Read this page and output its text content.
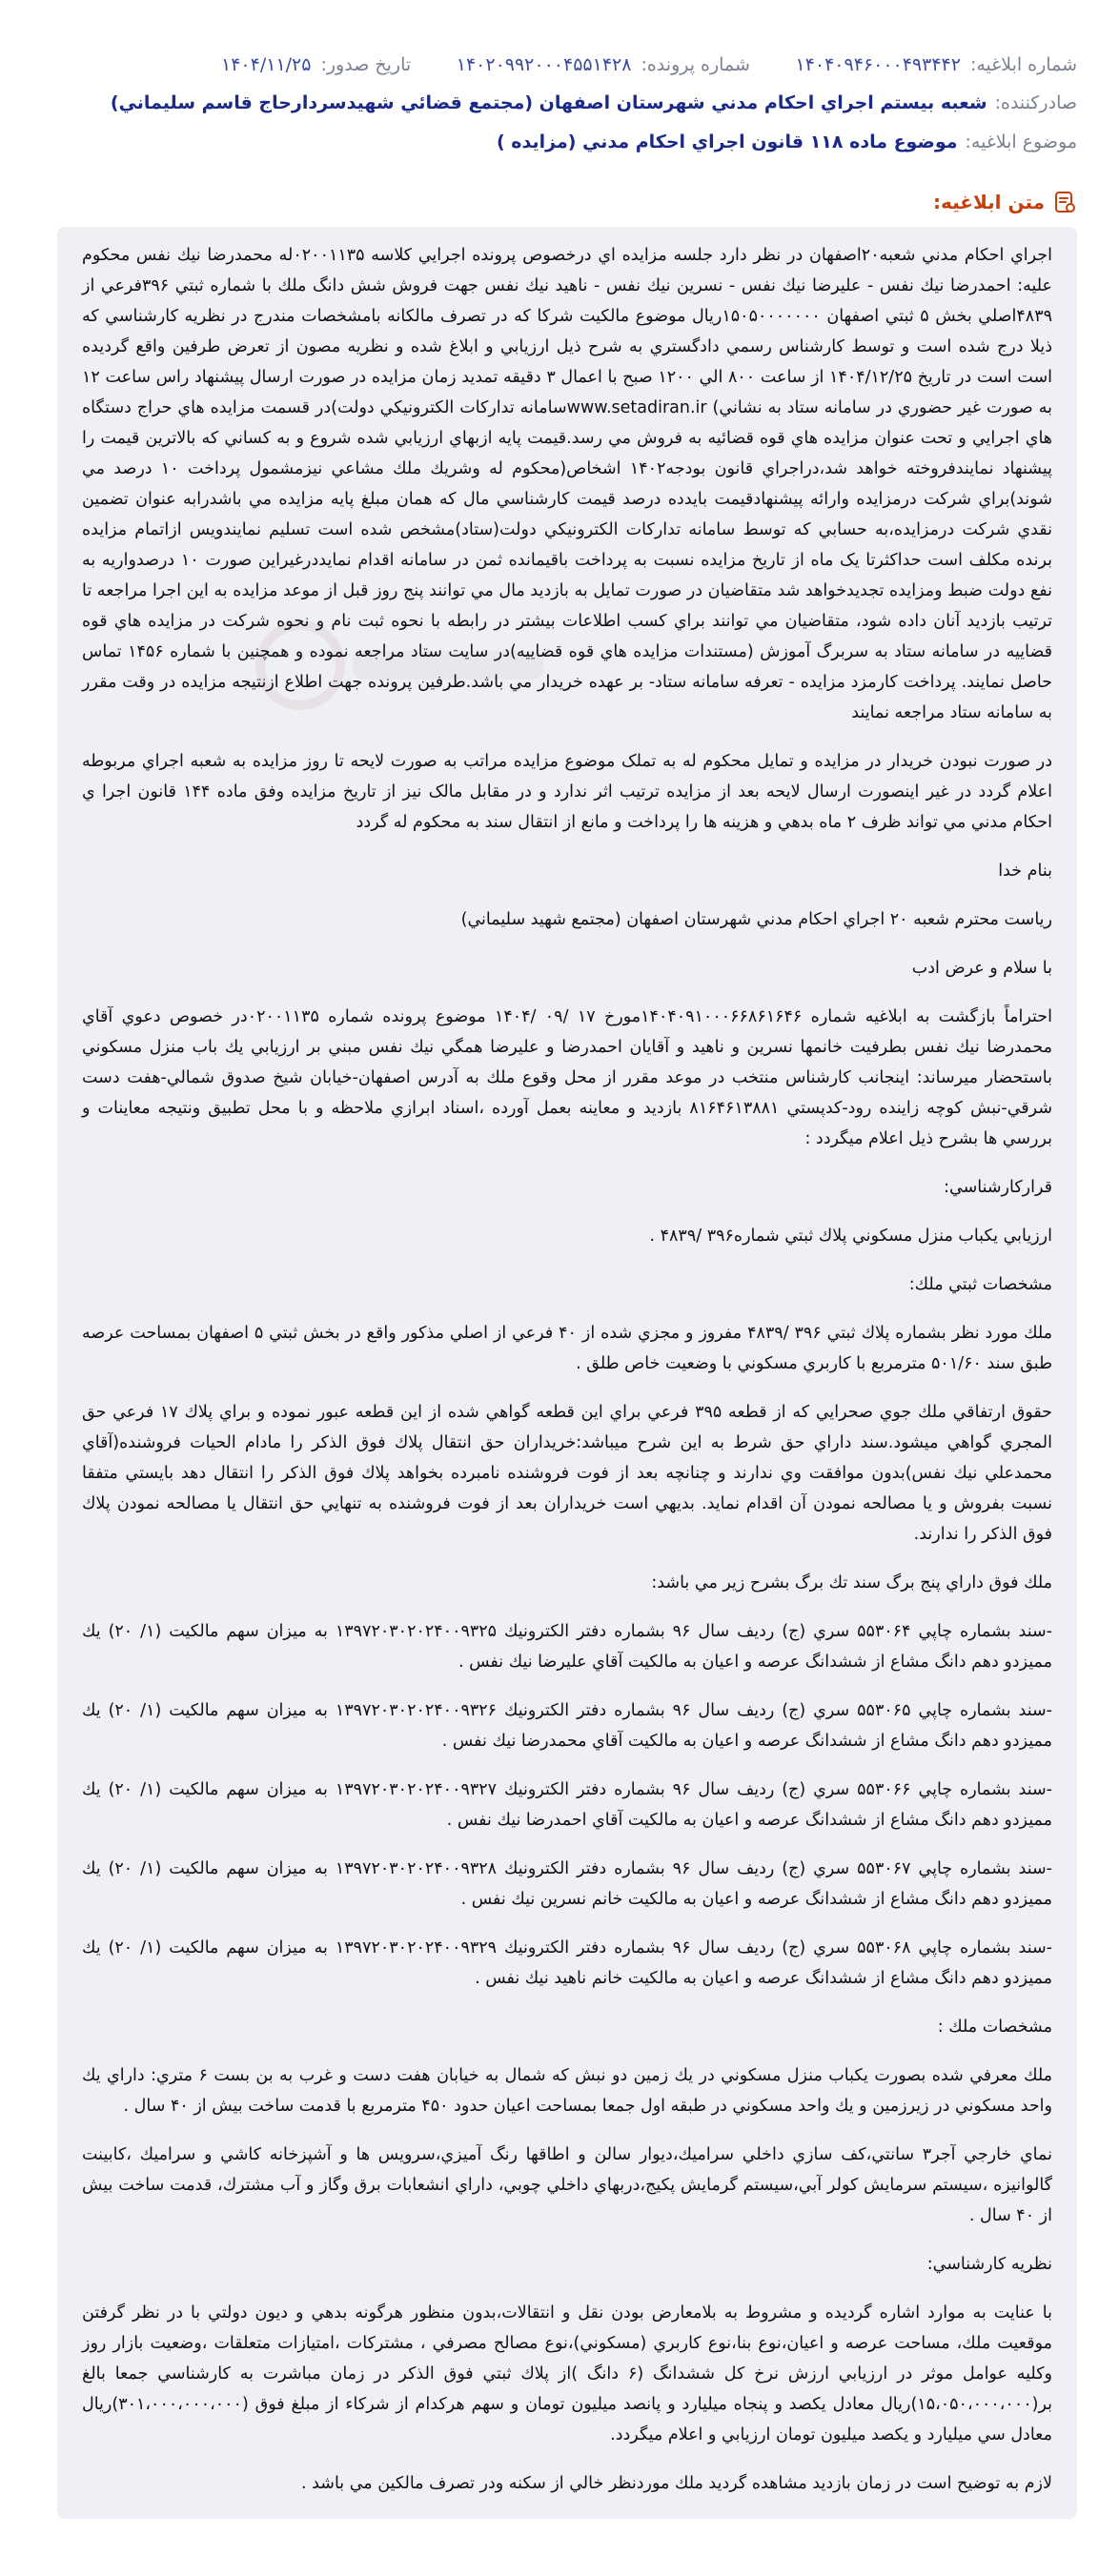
شماره ابلاغیه:
۱۴۰۴۰۹۴۶۰۰۰۴۹۳۴۴۲
شماره پرونده:
۱۴۰۲۰۹۹۲۰۰۰۴۵۵۱۴۲۸
تاریخ صدور:
۱۴۰۴/۱۱/۲۵
صادرکننده:شعبه بیستم اجراي احكام مدني شهرستان اصفهان (مجتمع قضائي شهيدسردارحاج قاسم سليماني)
موضوع ابلاغیه:موضوع ماده ۱۱۸ قانون اجراي احكام مدني (مزايده )
متن ابلاغیه:

اجراي احكام مدني شعبه۲۰اصفهان در نظر دارد جلسه مزايده اي درخصوص پرونده اجرايي كلاسه ۰۲۰۰۱۱۳۵له محمدرضا نيك نفس محكوم عليه: احمدرضا نيك نفس - عليرضا نيك نفس - نسرين نيك نفس - ناهيد نيك نفس جهت فروش شش دانگ ملك با شماره ثبتي ۳۹۶فرعي از ۴۸۳۹اصلي بخش ۵ ثبتي اصفهان ۱۵۰۵۰۰۰۰۰۰۰ريال موضوع مالكيت شركا كه در تصرف مالكانه بامشخصات مندرج در نظريه كارشناسي كه ذيلا درج شده است و توسط كارشناس رسمي دادگستري به شرح ذيل ارزيابي و ابلاغ شده و نظريه مصون از تعرض طرفين واقع گرديده است است در تاريخ ۱۴۰۴/۱۲/۲۵ از ساعت ۸۰۰ الي ۱۲۰۰ صبح با اعمال ۳ دقيقه تمديد زمان مزايده در صورت ارسال پيشنهاد راس ساعت ۱۲ به صورت غير حضوري در سامانه ستاد به نشاني) www.setadiran.irسامانه تداركات الكترونيكي دولت)در قسمت مزايده هاي حراج دستگاه هاي اجرايي و تحت عنوان مزايده هاي قوه قضائيه به فروش مي رسد.قيمت پايه ازبهاي ارزيابي شده شروع و به كساني كه بالاترين قيمت را پيشنهاد نمايندفروخته خواهد شد،دراجراي قانون بودجه۱۴۰۲ اشخاص(محكوم له وشريك ملك مشاعي نيزمشمول پرداخت ۱۰ درصد مي شوند)براي شركت درمزايده وارائه پيشنهادقيمت بايدده درصد قيمت كارشناسي مال كه همان مبلغ پايه مزايده مي باشدرابه عنوان تضمين نقدي شركت درمزايده،به حسابي كه توسط سامانه تداركات الكترونيكي دولت(ستاد)مشخص شده است تسليم نمايندويس ازاتمام مزايده برنده مكلف است حداكثرتا يک ماه از تاريخ مزايده نسبت به پرداخت باقيمانده ثمن در سامانه اقدام نمايددرغيراين صورت ۱۰ درصدواريه به نفع دولت ضبط ومزايده تجديدخواهد شد متقاضيان در صورت تمايل به بازديد مال مي توانند پنج روز قبل از موعد مزايده به اين اجرا مراجعه تا ترتيب بازديد آنان داده شود، متقاضيان مي توانند براي كسب اطلاعات بيشتر در رابطه با نحوه ثبت نام و نحوه شركت در مزايده هاي قوه قضاييه در سامانه ستاد به سربرگ آموزش (مستندات مزايده هاي قوه قضاييه)در سايت ستاد مراجعه نموده و همچنين با شماره ۱۴۵۶ تماس حاصل نمايند. پرداخت كارمزد مزايده - تعرفه سامانه ستاد- بر عهده خريدار مي باشد.طرفين پرونده جهت اطلاع ازنتيجه مزايده در وقت مقرر به سامانه ستاد مراجعه نمايند

در صورت نبودن خريدار در مزايده و تمايل محكوم له به تملک موضوع مزايده مراتب به صورت لايحه تا روز مزايده به شعبه اجراي مربوطه اعلام گردد در غير اينصورت ارسال لايحه بعد از مزايده ترتيب اثر ندارد و در مقابل مالک نيز از تاريخ مزايده وفق ماده ۱۴۴ قانون اجرا ي احكام مدني مي تواند ظرف ۲ ماه بدهي و هزينه ها را پرداخت و مانع از انتقال سند به محكوم له گردد

بنام خدا

رياست محترم شعبه ۲۰ اجراي احكام مدني شهرستان اصفهان (مجتمع شهيد سليماني)

با سلام و عرض ادب

احتراماً بازگشت به ابلاغيه شماره ۱۴۰۴۰۹۱۰۰۰۶۶۸۶۱۶۴۶مورخ ۱۷ /۰۹ /۱۴۰۴ موضوع پرونده شماره ۰۲۰۰۱۱۳۵در خصوص دعوي آقاي محمدرضا نيك نفس بطرفيت خانمها نسرين و ناهيد و آقايان احمدرضا و عليرضا همگي نيك نفس مبني بر ارزيابي يك باب منزل مسكوني باستحضار ميرساند: اينجانب كارشناس منتخب در موعد مقرر از محل وقوع ملك به آدرس اصفهان-خيابان شيخ صدوق شمالي-هفت دست شرقي-نبش كوچه زاينده رود-كدپستي ۸۱۶۴۶۱۳۸۸۱ بازديد و معاينه بعمل آورده ،اسناد ابرازي ملاحظه و با محل تطبيق ونتيجه معاينات و بررسي ها بشرح ذيل اعلام ميگردد :

قراركارشناسي:

ارزيابي يكباب منزل مسكوني پلاك ثبتي شماره۳۹۶ /۴۸۳۹ .

مشخصات ثبتي ملك:

ملك مورد نظر بشماره پلاك ثبتي ۳۹۶ /۴۸۳۹ مفروز و مجزي شده از ۴۰ فرعي از اصلي مذكور واقع در بخش ثبتي ۵ اصفهان بمساحت عرصه طبق سند ۵۰۱/۶۰ مترمربع با كاربري مسكوني با وضعيت خاص طلق .

حقوق ارتفاقي ملك جوي صحرايي كه از قطعه ۳۹۵ فرعي براي اين قطعه گواهي شده از اين قطعه عبور نموده و براي پلاك ۱۷ فرعي حق المجري گواهي ميشود.سند داراي حق شرط به اين شرح ميباشد:خريداران حق انتقال پلاك فوق الذكر را مادام الحيات فروشنده(آقاي محمدعلي نيك نفس)بدون موافقت وي ندارند و چنانچه بعد از فوت فروشنده نامبرده بخواهد پلاك فوق الذكر را انتقال دهد بايستي متفقا نسبت بفروش و يا مصالحه نمودن آن اقدام نمايد. بديهي است خريداران بعد از فوت فروشنده به تنهايي حق انتقال يا مصالحه نمودن پلاك فوق الذكر را ندارند.

ملك فوق داراي پنج برگ سند تك برگ بشرح زير مي باشد:

-سند بشماره چاپي ۵۵۳۰۶۴ سري (ج) رديف سال ۹۶ بشماره دفتر الكترونيك ۱۳۹۷۲۰۳۰۲۰۲۴۰۰۹۳۲۵ به ميزان سهم مالكيت (۱/ ۲۰) يك مميزدو دهم دانگ مشاع از ششدانگ عرصه و اعيان به مالكيت آقاي عليرضا نيك نفس .

-سند بشماره چاپي ۵۵۳۰۶۵ سري (ج) رديف سال ۹۶ بشماره دفتر الكترونيك ۱۳۹۷۲۰۳۰۲۰۲۴۰۰۹۳۲۶ به ميزان سهم مالكيت (۱/ ۲۰) يك مميزدو دهم دانگ مشاع از ششدانگ عرصه و اعيان به مالكيت آقاي محمدرضا نيك نفس .

-سند بشماره چاپي ۵۵۳۰۶۶ سري (ج) رديف سال ۹۶ بشماره دفتر الكترونيك ۱۳۹۷۲۰۳۰۲۰۲۴۰۰۹۳۲۷ به ميزان سهم مالكيت (۱/ ۲۰) يك مميزدو دهم دانگ مشاع از ششدانگ عرصه و اعيان به مالكيت آقاي احمدرضا نيك نفس .

-سند بشماره چاپي ۵۵۳۰۶۷ سري (ج) رديف سال ۹۶ بشماره دفتر الكترونيك ۱۳۹۷۲۰۳۰۲۰۲۴۰۰۹۳۲۸ به ميزان سهم مالكيت (۱/ ۲۰) يك مميزدو دهم دانگ مشاع از ششدانگ عرصه و اعيان به مالكيت خانم نسرين نيك نفس .

-سند بشماره چاپي ۵۵۳۰۶۸ سري (ج) رديف سال ۹۶ بشماره دفتر الكترونيك ۱۳۹۷۲۰۳۰۲۰۲۴۰۰۹۳۲۹ به ميزان سهم مالكيت (۱/ ۲۰) يك مميزدو دهم دانگ مشاع از ششدانگ عرصه و اعيان به مالكيت خانم ناهيد نيك نفس .

مشخصات ملك :

ملك معرفي شده بصورت يكباب منزل مسكوني در يك زمين دو نبش كه شمال به خيابان هفت دست و غرب به بن بست ۶ متري: داراي يك واحد مسكوني در زيرزمين و يك واحد مسكوني در طبقه اول جمعا بمساحت اعيان حدود ۴۵۰ مترمربع با قدمت ساخت بيش از ۴۰ سال .

نماي خارجي آجر۳ سانتي،كف سازي داخلي سراميك،ديوار سالن و اطاقها رنگ آميزي،سرويس ها و آشپزخانه كاشي و سراميك ،كابينت گالوانيزه ،سيستم سرمايش كولر آبي،سيستم گرمايش پكيج،دربهاي داخلي چوبي، داراي انشعابات برق وگاز و آب مشترك، قدمت ساخت بيش از ۴۰ سال .

نظريه كارشناسي:

با عنايت به موارد اشاره گرديده و مشروط به بلامعارض بودن نقل و انتقالات،بدون منظور هرگونه بدهي و ديون دولتي با در نظر گرفتن موقعيت ملك، مساحت عرصه و اعيان،نوع بنا،نوع كاربري (مسكوني)،نوع مصالح مصرفي ، مشتركات ،امتيازات متعلقات ،وضعيت بازار روز وكليه عوامل موثر در ارزيابي ارزش نرخ كل ششدانگ (۶ دانگ )از پلاك ثبتي فوق الذكر در زمان مباشرت به كارشناسي جمعا بالغ بر(۱۵،۰۵۰،۰۰۰،۰۰۰)ريال معادل يكصد و پنجاه ميليارد و پانصد ميليون تومان و سهم هركدام از شركاء از مبلغ فوق (۳۰۱،۰۰۰،۰۰۰،۰۰۰)ريال معادل سي ميليارد و يكصد ميليون تومان ارزيابي و اعلام ميگردد.

لازم به توضيح است در زمان بازديد مشاهده گرديد ملك موردنظر خالي از سكنه ودر تصرف مالكين مي باشد .
